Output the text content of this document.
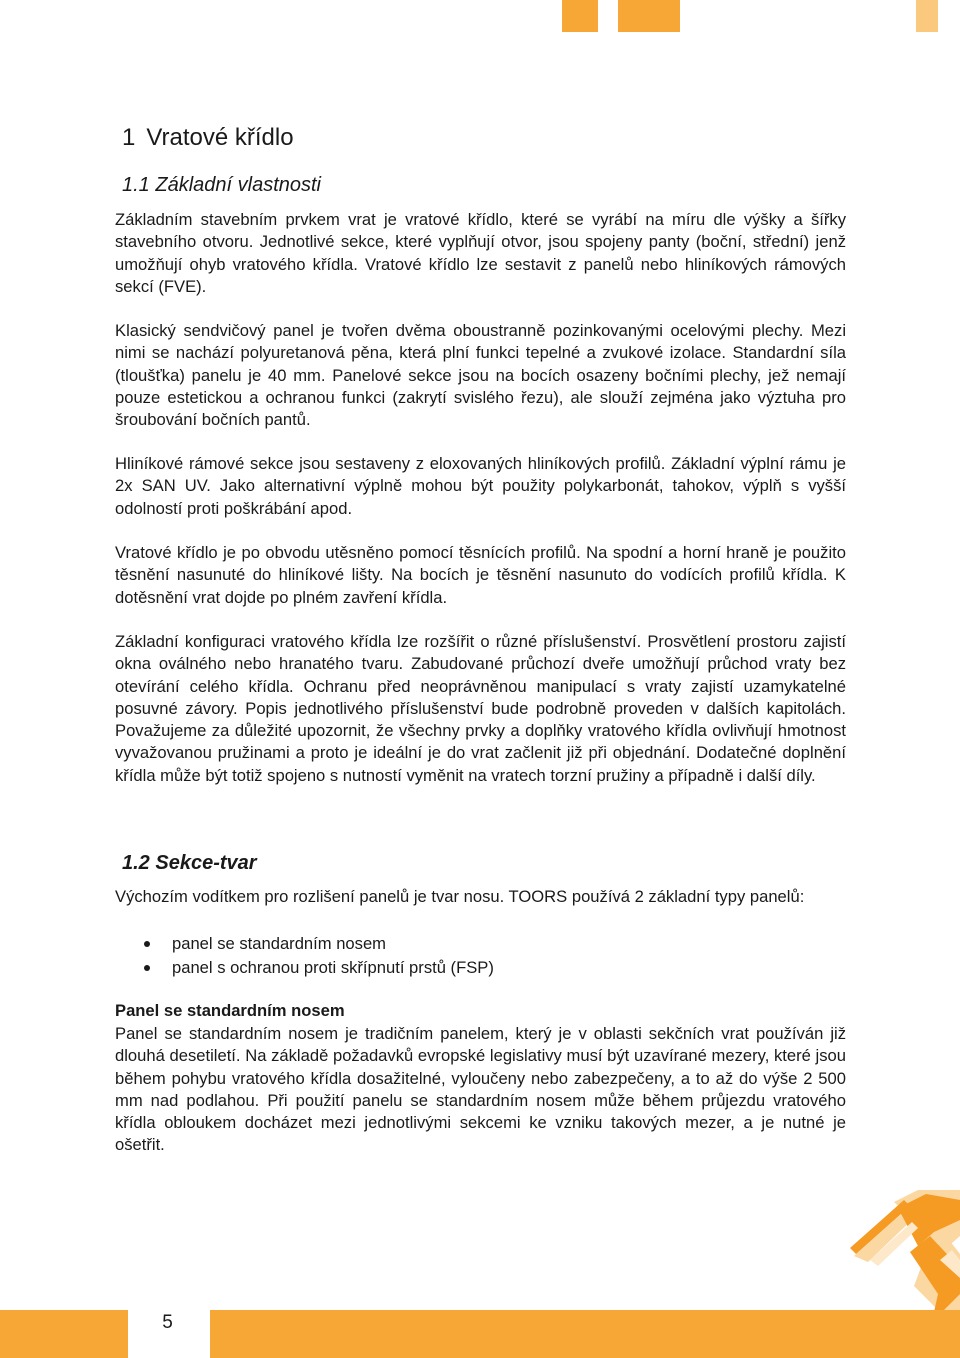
1 Vratové křídlo
1.1 Základní vlastnosti

Základním stavebním prvkem vrat je vratové křídlo, které se vyrábí na míru dle výšky a šířky stavebního otvoru. Jednotlivé sekce, které vyplňují otvor, jsou spojeny panty (boční, střední) jenž umožňují ohyb vratového křídla. Vratové křídlo lze sestavit z panelů nebo hliníkových rámových sekcí (FVE).

Klasický sendvičový panel je tvořen dvěma oboustranně pozinkovanými ocelovými plechy. Mezi nimi se nachází polyuretanová pěna, která plní funkci tepelné a zvukové izolace. Standardní síla (tloušťka) panelu je 40 mm. Panelové sekce jsou na bocích osazeny bočními plechy, jež nemají pouze estetickou a ochranou funkci (zakrytí svislého řezu), ale slouží zejména jako výztuha pro šroubování bočních pantů.

Hliníkové rámové sekce jsou sestaveny z eloxovaných hliníkových profilů. Základní výplní rámu je 2x SAN UV. Jako alternativní výplně mohou být použity polykarbonát, tahokov, výplň s vyšší odolností proti poškrábání apod.

Vratové křídlo je po obvodu utěsněno pomocí těsnících profilů. Na spodní a horní hraně je použito těsnění nasunuté do hliníkové lišty. Na bocích je těsnění nasunuto do vodících profilů křídla. K dotěsnění vrat dojde po plném zavření křídla.

Základní konfiguraci vratového křídla lze rozšířit o různé příslušenství. Prosvětlení prostoru zajistí okna oválného nebo hranatého tvaru. Zabudované průchozí dveře umožňují průchod vraty bez otevírání celého křídla. Ochranu před neoprávněnou manipulací s vraty zajistí uzamykatelné posuvné závory. Popis jednotlivého příslušenství bude podrobně proveden v dalších kapitolách. Považujeme za důležité upozornit, že všechny prvky a doplňky vratového křídla ovlivňují hmotnost vyvažovanou pružinami a proto je ideální je do vrat začlenit již při objednání. Dodatečné doplnění křídla může být totiž spojeno s nutností vyměnit na vratech torzní pružiny a případně i další díly.

1.2 Sekce-tvar

Výchozím vodítkem pro rozlišení panelů je tvar nosu. TOORS používá 2 základní typy panelů:

panel se standardním nosem
panel s ochranou proti skřípnutí prstů (FSP)

Panel se standardním nosem

Panel se standardním nosem je tradičním panelem, který je v oblasti sekčních vrat používán již dlouhá desetiletí. Na základě požadavků evropské legislativy musí být uzavírané mezery, které jsou během pohybu vratového křídla dosažitelné, vyloučeny nebo zabezpečeny, a to až do výše 2 500 mm nad podlahou. Při použití panelu se standardním nosem může během průjezdu vratového křídla obloukem docházet mezi jednotlivými sekcemi ke vzniku takových mezer, a je nutné je ošetřit.

5
